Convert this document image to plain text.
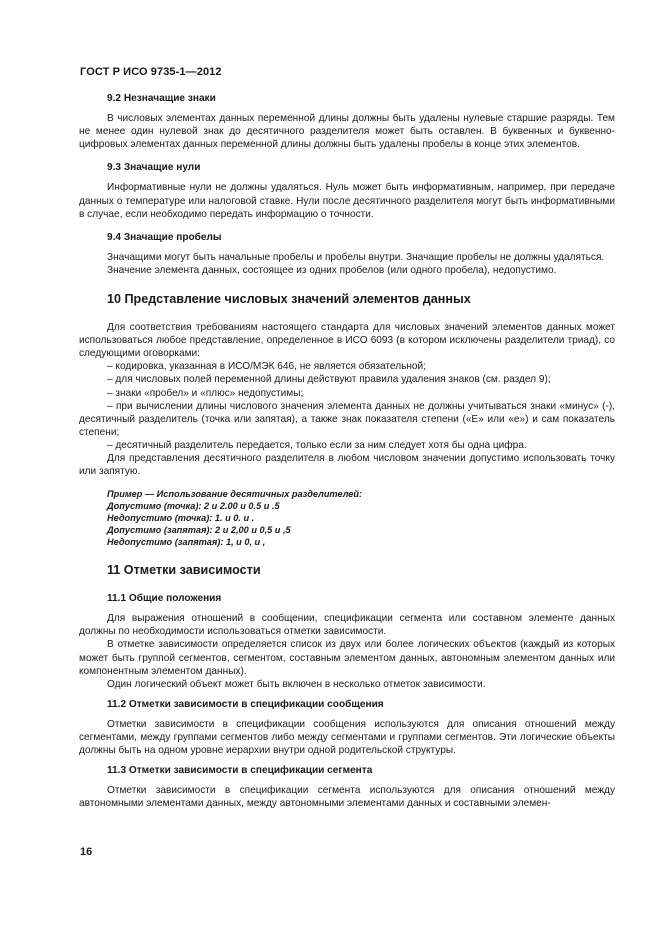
ГОСТ Р ИСО 9735-1—2012

9.2 Незначащие знаки

В числовых элементах данных переменной длины должны быть удалены нулевые старшие разряды. Тем не менее один нулевой знак до десятичного разделителя может быть оставлен. В буквенных и буквенно-цифровых элементах данных переменной длины должны быть удалены пробелы в конце этих элементов.

9.3 Значащие нули

Информативные нули не должны удаляться. Нуль может быть информативным, например, при передаче данных о температуре или налоговой ставке. Нули после десятичного разделителя могут быть информативными в случае, если необходимо передать информацию о точности.

9.4 Значащие пробелы

Значащими могут быть начальные пробелы и пробелы внутри. Значащие пробелы не должны удаляться.

Значение элемента данных, состоящее из одних пробелов (или одного пробела), недопустимо.

10 Представление числовых значений элементов данных

Для соответствия требованиям настоящего стандарта для числовых значений элементов данных может использоваться любое представление, определенное в ИСО 6093 (в котором исключены разделители триад), со следующими оговорками:

– кодировка, указанная в ИСО/МЭК 646, не является обязательной;

– для числовых полей переменной длины действуют правила удаления знаков (см. раздел 9);

– знаки «пробел» и «плюс» недопустимы;

– при вычислении длины числового значения элемента данных не должны учитываться знаки «минус» (-), десятичный разделитель (точка или запятая), а также знак показателя степени («Е» или «е») и сам показатель степени;

– десятичный разделитель передается, только если за ним следует хотя бы одна цифра.

Для представления десятичного разделителя в любом числовом значении допустимо использовать точку или запятую.

Пример — Использование десятичных разделителей:

Допустимо (точка): 2 и 2.00 и 0.5 и .5

Недопустимо (точка): 1. и 0. и .

Допустимо (запятая): 2 и 2,00 и 0,5 и ,5

Недопустимо (запятая): 1, и 0, и ,

11 Отметки зависимости

11.1 Общие положения

Для выражения отношений в сообщении, спецификации сегмента или составном элементе данных должны по необходимости использоваться отметки зависимости.

В отметке зависимости определяется список из двух или более логических объектов (каждый из которых может быть группой сегментов, сегментом, составным элементом данных, автономным элементом данных или компонентным элементом данных).

Один логический объект может быть включен в несколько отметок зависимости.

11.2 Отметки зависимости в спецификации сообщения

Отметки зависимости в спецификации сообщения используются для описания отношений между сегментами, между группами сегментов либо между сегментами и группами сегментов. Эти логические объекты должны быть на одном уровне иерархии внутри одной родительской структуры.

11.3 Отметки зависимости в спецификации сегмента

Отметки зависимости в спецификации сегмента используются для описания отношений между автономными элементами данных, между автономными элементами данных и составными элемен-

16
